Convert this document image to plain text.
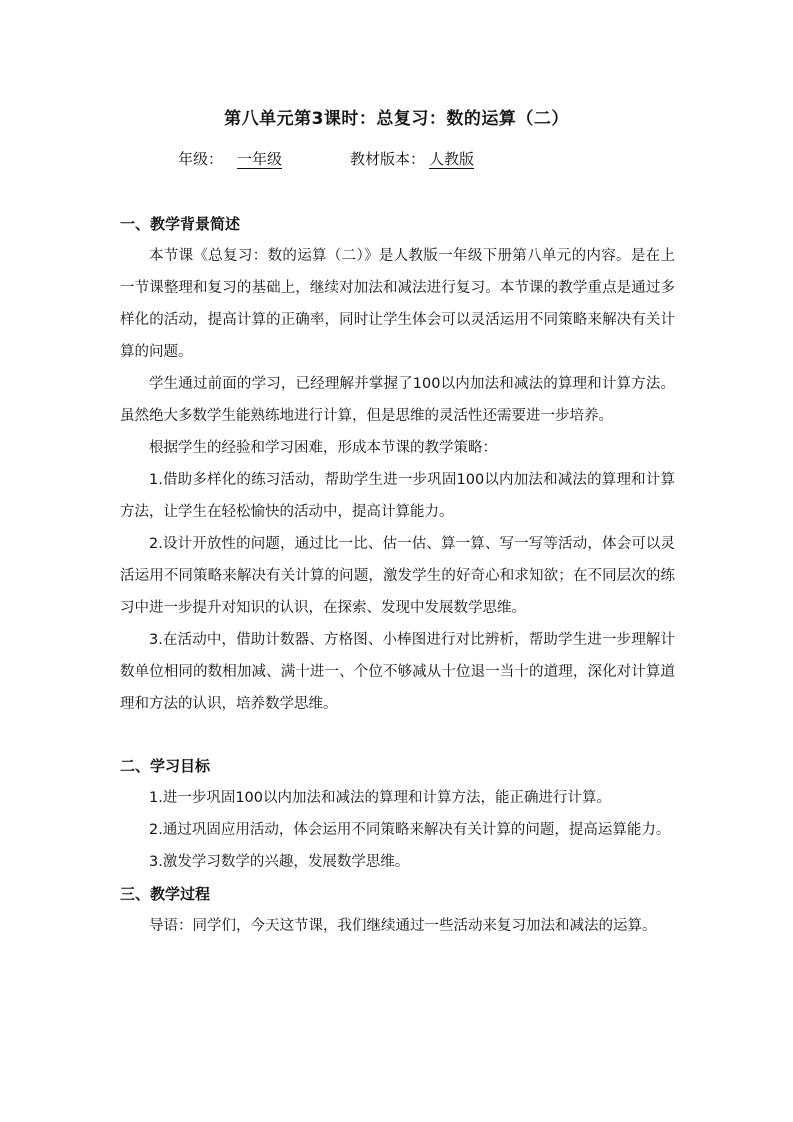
第八单元第3课时：总复习：数的运算（二）
年级： 一年级	教材版本： 人教版
一、教学背景简述

本节课《总复习：数的运算（二）》是人教版一年级下册第八单元的内容。是在上一节课整理和复习的基础上，继续对加法和减法进行复习。本节课的教学重点是通过多样化的活动，提高计算的正确率，同时让学生体会可以灵活运用不同策略来解决有关计算的问题。

学生通过前面的学习，已经理解并掌握了100以内加法和减法的算理和计算方法。虽然绝大多数学生能熟练地进行计算，但是思维的灵活性还需要进一步培养。

根据学生的经验和学习困难，形成本节课的教学策略：

1.借助多样化的练习活动，帮助学生进一步巩固100以内加法和减法的算理和计算方法，让学生在轻松愉快的活动中，提高计算能力。

2.设计开放性的问题，通过比一比、估一估、算一算、写一写等活动，体会可以灵活运用不同策略来解决有关计算的问题，激发学生的好奇心和求知欲；在不同层次的练习中进一步提升对知识的认识，在探索、发现中发展数学思维。

3.在活动中，借助计数器、方格图、小棒图进行对比辨析，帮助学生进一步理解计数单位相同的数相加减、满十进一、个位不够减从十位退一当十的道理，深化对计算道理和方法的认识，培养数学思维。

二、学习目标

1.进一步巩固100以内加法和减法的算理和计算方法，能正确进行计算。

2.通过巩固应用活动，体会运用不同策略来解决有关计算的问题，提高运算能力。

3.激发学习数学的兴趣，发展数学思维。

三、教学过程

导语：同学们，今天这节课，我们继续通过一些活动来复习加法和减法的运算。
